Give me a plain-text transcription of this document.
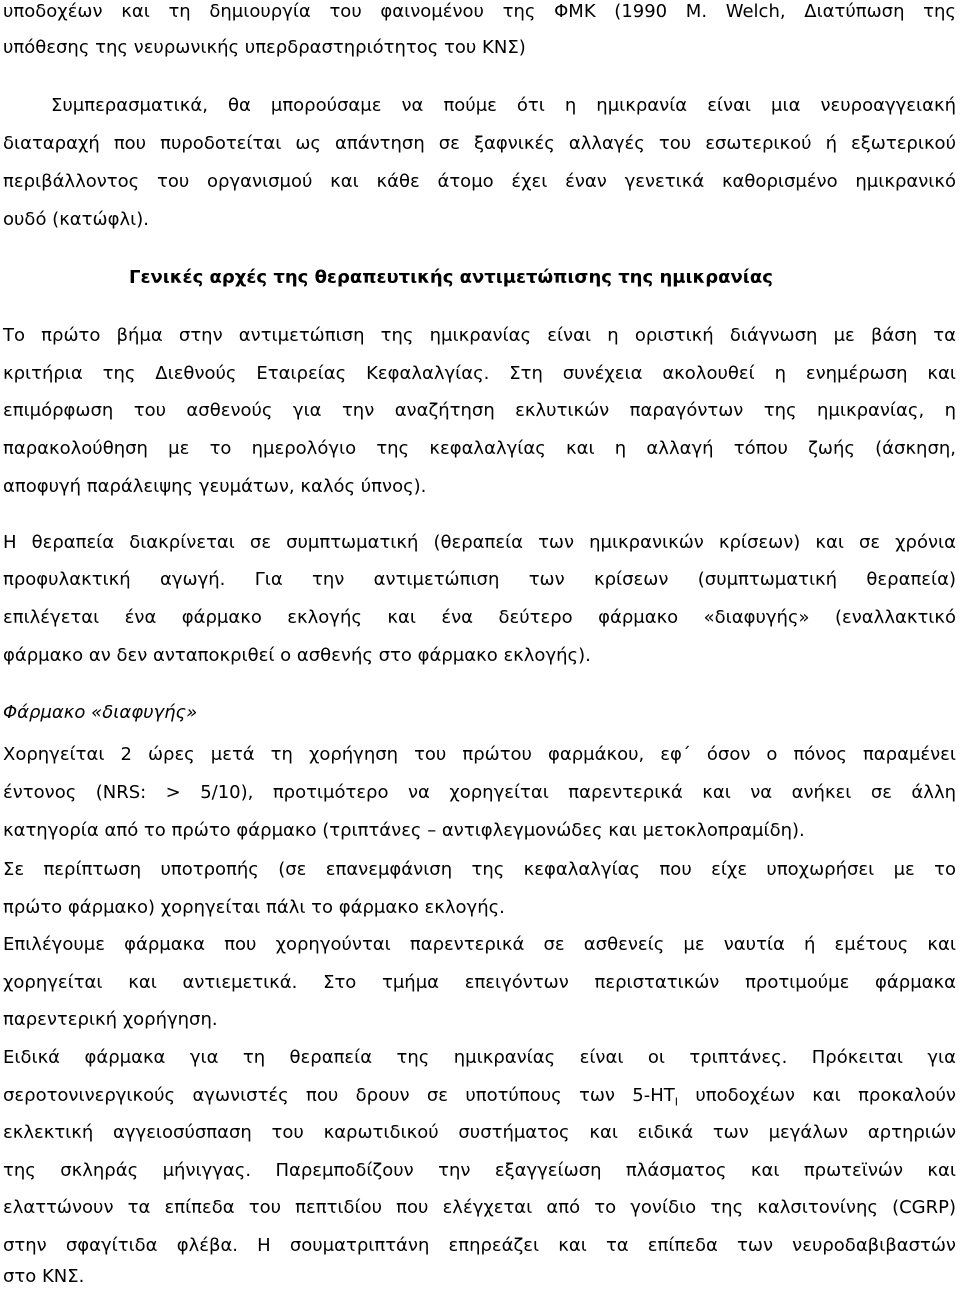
υποδοχέων και τη δημιουργία του φαινομένου της ΦΜΚ (1990 Μ. Welch, Διατύπωση της
υπόθεσης της νευρωνικής υπερδραστηριότητος του ΚΝΣ)
Συμπερασματικά, θα μπορούσαμε να πούμε ότι η ημικρανία είναι μια νευροαγγειακή
διαταραχή που πυροδοτείται ως απάντηση σε ξαφνικές αλλαγές του εσωτερικού ή εξωτερικού
περιβάλλοντος του οργανισμού και κάθε άτομο έχει έναν γενετικά καθορισμένο ημικρανικό
ουδό (κατώφλι).
Γενικές αρχές της θεραπευτικής αντιμετώπισης της ημικρανίας
Το πρώτο βήμα στην αντιμετώπιση της ημικρανίας είναι η οριστική διάγνωση με βάση τα
κριτήρια της Διεθνούς Εταιρείας Κεφαλαλγίας. Στη συνέχεια ακολουθεί η ενημέρωση και
επιμόρφωση του ασθενούς για την αναζήτηση εκλυτικών παραγόντων της ημικρανίας, η
παρακολούθηση με το ημερολόγιο της κεφαλαλγίας και η αλλαγή τόπου ζωής (άσκηση,
αποφυγή παράλειψης γευμάτων, καλός ύπνος).
Η θεραπεία διακρίνεται σε συμπτωματική (θεραπεία των ημικρανικών κρίσεων) και σε χρόνια
προφυλακτική αγωγή. Για την αντιμετώπιση των κρίσεων (συμπτωματική θεραπεία)
επιλέγεται ένα φάρμακο εκλογής και ένα δεύτερο φάρμακο «διαφυγής» (εναλλακτικό
φάρμακο αν δεν ανταποκριθεί ο ασθενής στο φάρμακο εκλογής).
Φάρμακο «διαφυγής»
Χορηγείται 2 ώρες μετά τη χορήγηση του πρώτου φαρμάκου, εφ΄ όσον ο πόνος παραμένει
έντονος (NRS: > 5/10), προτιμότερο να χορηγείται παρεντερικά και να ανήκει σε άλλη
κατηγορία από το πρώτο φάρμακο (τριπτάνες – αντιφλεγμονώδες και μετοκλοπραμίδη).
Σε περίπτωση υποτροπής (σε επανεμφάνιση της κεφαλαλγίας που είχε υποχωρήσει με το
πρώτο φάρμακο) χορηγείται πάλι το φάρμακο εκλογής.
Επιλέγουμε φάρμακα που χορηγούνται παρεντερικά σε ασθενείς με ναυτία ή εμέτους και
χορηγείται και αντιεμετικά. Στο τμήμα επειγόντων περιστατικών προτιμούμε φάρμακα
παρεντερική χορήγηση.
Ειδικά φάρμακα για τη θεραπεία της ημικρανίας είναι οι τριπτάνες. Πρόκειται για
σεροτονινεργικούς αγωνιστές που δρουν σε υποτύπους των $5-HT_I$ υποδοχέων και προκαλούν
εκλεκτική αγγειοσύσπαση του καρωτιδικού συστήματος και ειδικά των μεγάλων αρτηριών
της σκληράς μήνιγγας. Παρεμποδίζουν την εξαγγείωση πλάσματος και πρωτεϊνών και
ελαττώνουν τα επίπεδα του πεπτιδίου που ελέγχεται από το γονίδιο της καλσιτονίνης (CGRP)
στην σφαγίτιδα φλέβα. Η σουματριπτάνη επηρεάζει και τα επίπεδα των νευροδαβιβαστών
στο ΚΝΣ.
